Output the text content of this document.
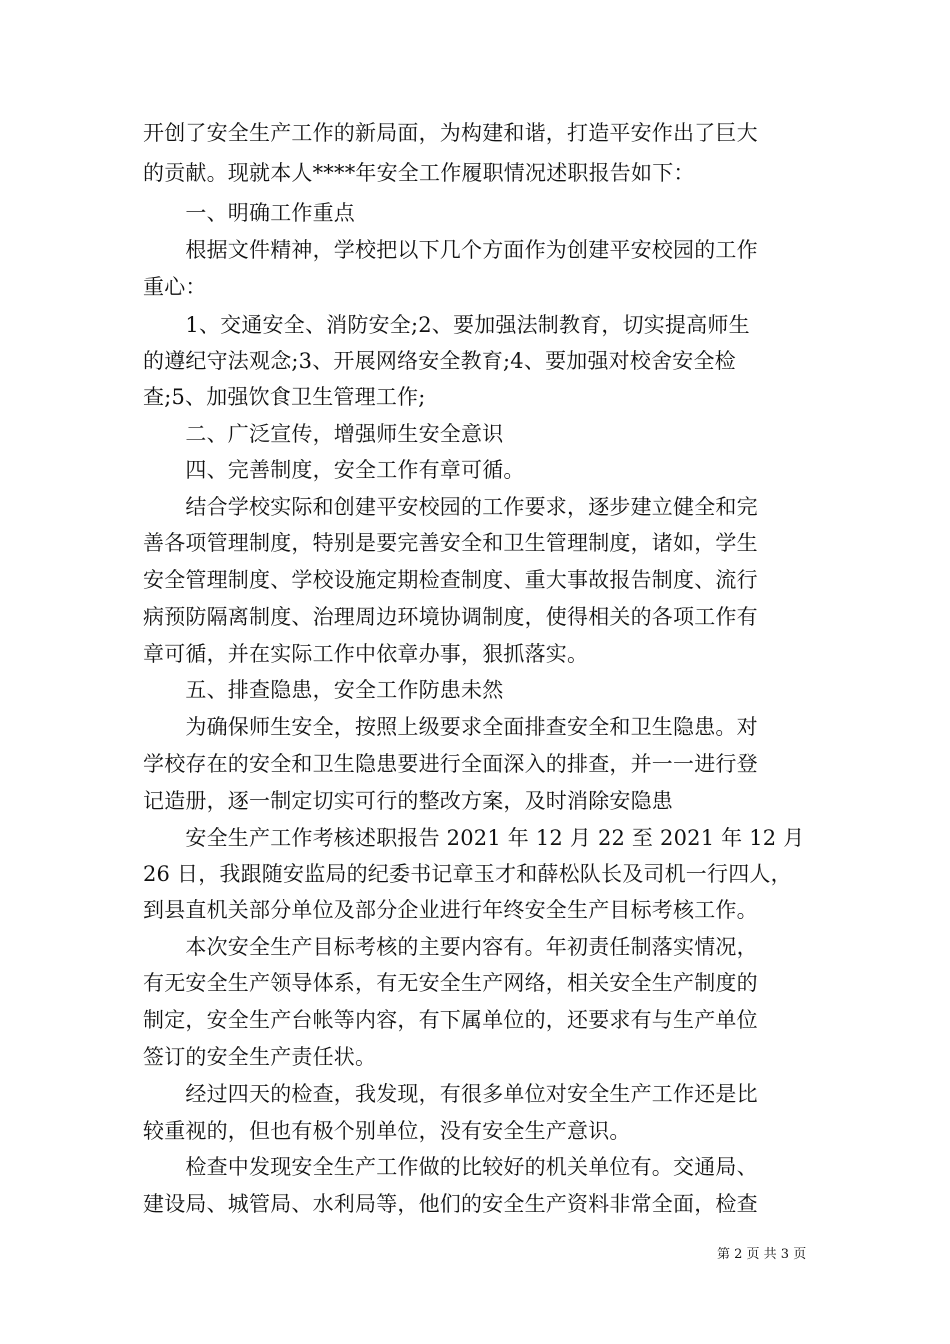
开创了安全生产工作的新局面，为构建和谐，打造平安作出了巨大
的贡献。现就本人****年安全工作履职情况述职报告如下：
　　一、明确工作重点
　　根据文件精神，学校把以下几个方面作为创建平安校园的工作
重心：
　　1、交通安全、消防安全;2、要加强法制教育，切实提高师生
的遵纪守法观念;3、开展网络安全教育;4、要加强对校舍安全检
查;5、加强饮食卫生管理工作;
　　二、广泛宣传，增强师生安全意识
　　四、完善制度，安全工作有章可循。
　　结合学校实际和创建平安校园的工作要求，逐步建立健全和完
善各项管理制度，特别是要完善安全和卫生管理制度，诸如，学生
安全管理制度、学校设施定期检查制度、重大事故报告制度、流行
病预防隔离制度、治理周边环境协调制度，使得相关的各项工作有
章可循，并在实际工作中依章办事，狠抓落实。
　　五、排查隐患，安全工作防患未然
　　为确保师生安全，按照上级要求全面排查安全和卫生隐患。对
学校存在的安全和卫生隐患要进行全面深入的排查，并一一进行登
记造册，逐一制定切实可行的整改方案，及时消除安隐患
　　安全生产工作考核述职报告 2021 年 12 月 22 至 2021 年 12 月
26 日，我跟随安监局的纪委书记章玉才和薛松队长及司机一行四人，
到县直机关部分单位及部分企业进行年终安全生产目标考核工作。
　　本次安全生产目标考核的主要内容有。年初责任制落实情况，
有无安全生产领导体系，有无安全生产网络，相关安全生产制度的
制定，安全生产台帐等内容，有下属单位的，还要求有与生产单位
签订的安全生产责任状。
　　经过四天的检查，我发现，有很多单位对安全生产工作还是比
较重视的，但也有极个别单位，没有安全生产意识。
　　检查中发现安全生产工作做的比较好的机关单位有。交通局、
建设局、城管局、水利局等，他们的安全生产资料非常全面，检查
第 2 页 共 3 页
